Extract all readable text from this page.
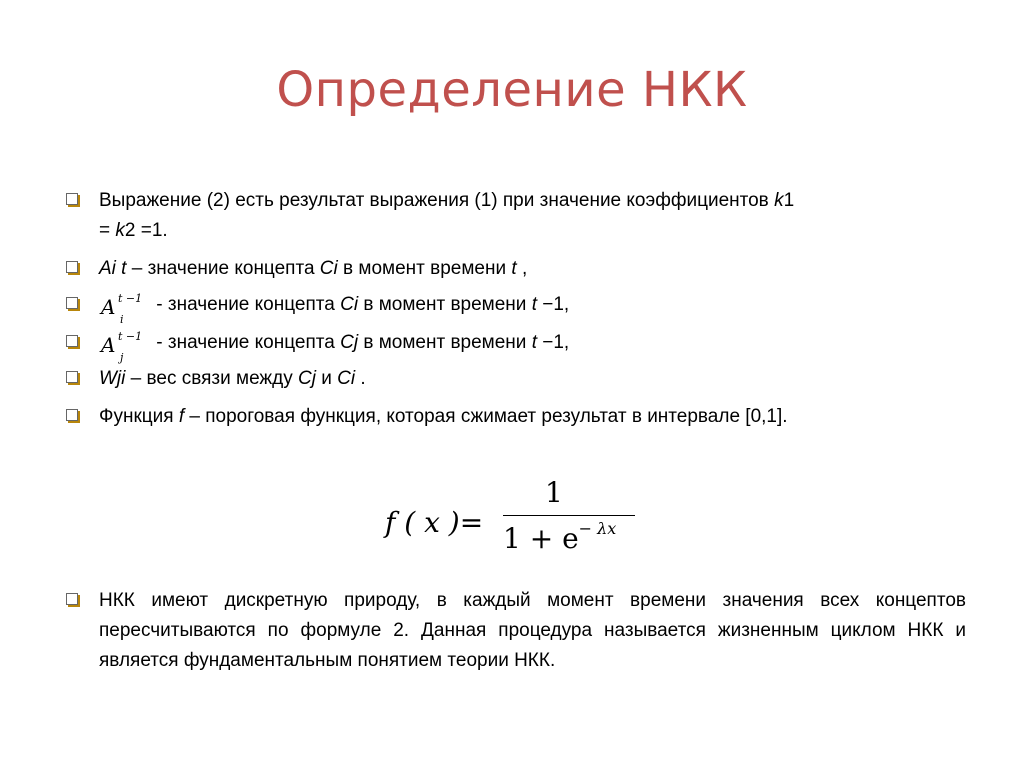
Определение НКК
Выражение (2) есть результат выражения (1) при значение коэффициентов k1
= k2 =1.
Ai t – значение концепта Ci в момент времени t ,
A t −1
i
- значение концепта Ci в момент времени t −1,
A t −1
j
- значение концепта Cj в момент времени t −1,
Wji – вес связи между Cj и Ci .
Функция f – пороговая функция, которая сжимает результат в интервале [0,1].
f ( x )=
1
$1 + e^{- \lambda x}$
НКК имеют дискретную природу, в каждый момент времени значения всех концептов пересчитываются по формуле 2. Данная процедура называется жизненным циклом НКК и является фундаментальным понятием теории НКК.
